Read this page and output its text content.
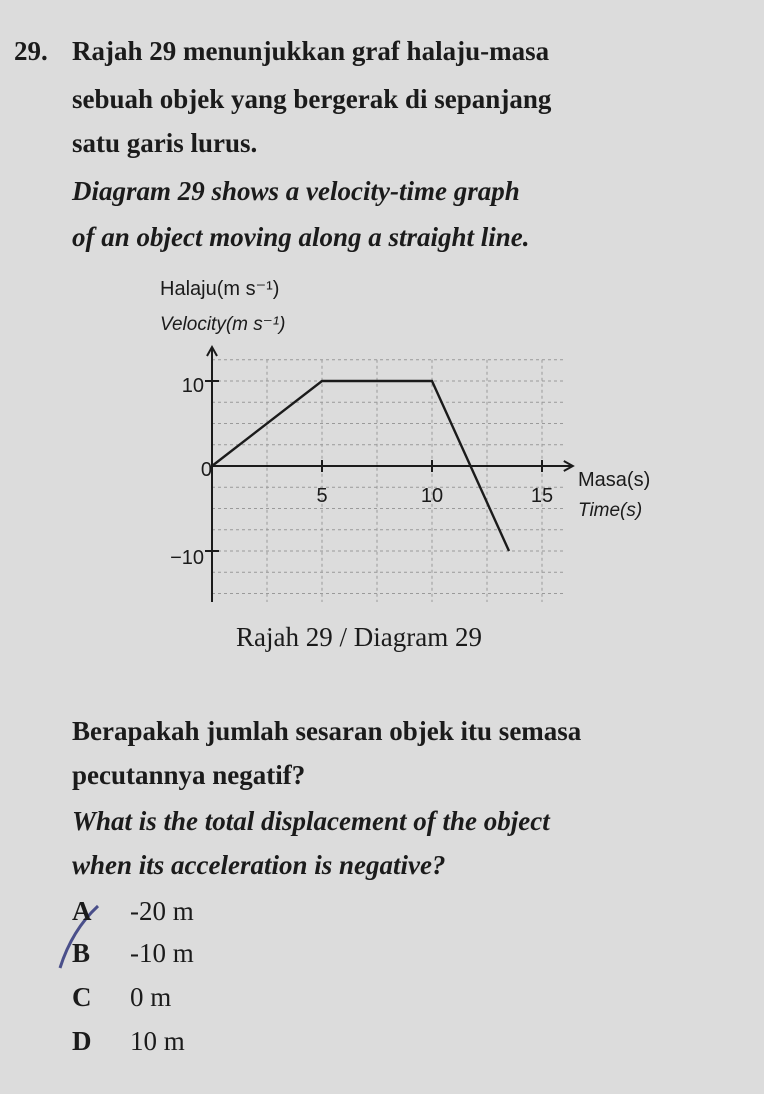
29. Rajah 29 menunjukkan graf halaju-masa
sebuah objek yang bergerak di sepanjang
satu garis lurus.
Diagram 29 shows a velocity-time graph
of an object moving along a straight line.
Halaju(m s⁻¹)
Velocity(m s⁻¹)
Masa(s)
Time(s)
5	10	15
10
0
−10
Rajah 29 / Diagram 29
Berapakah jumlah sesaran objek itu semasa
pecutannya negatif?
What is the total displacement of the object
when its acceleration is negative?
A -20 m
B -10 m
C 0 m
D 10 m
